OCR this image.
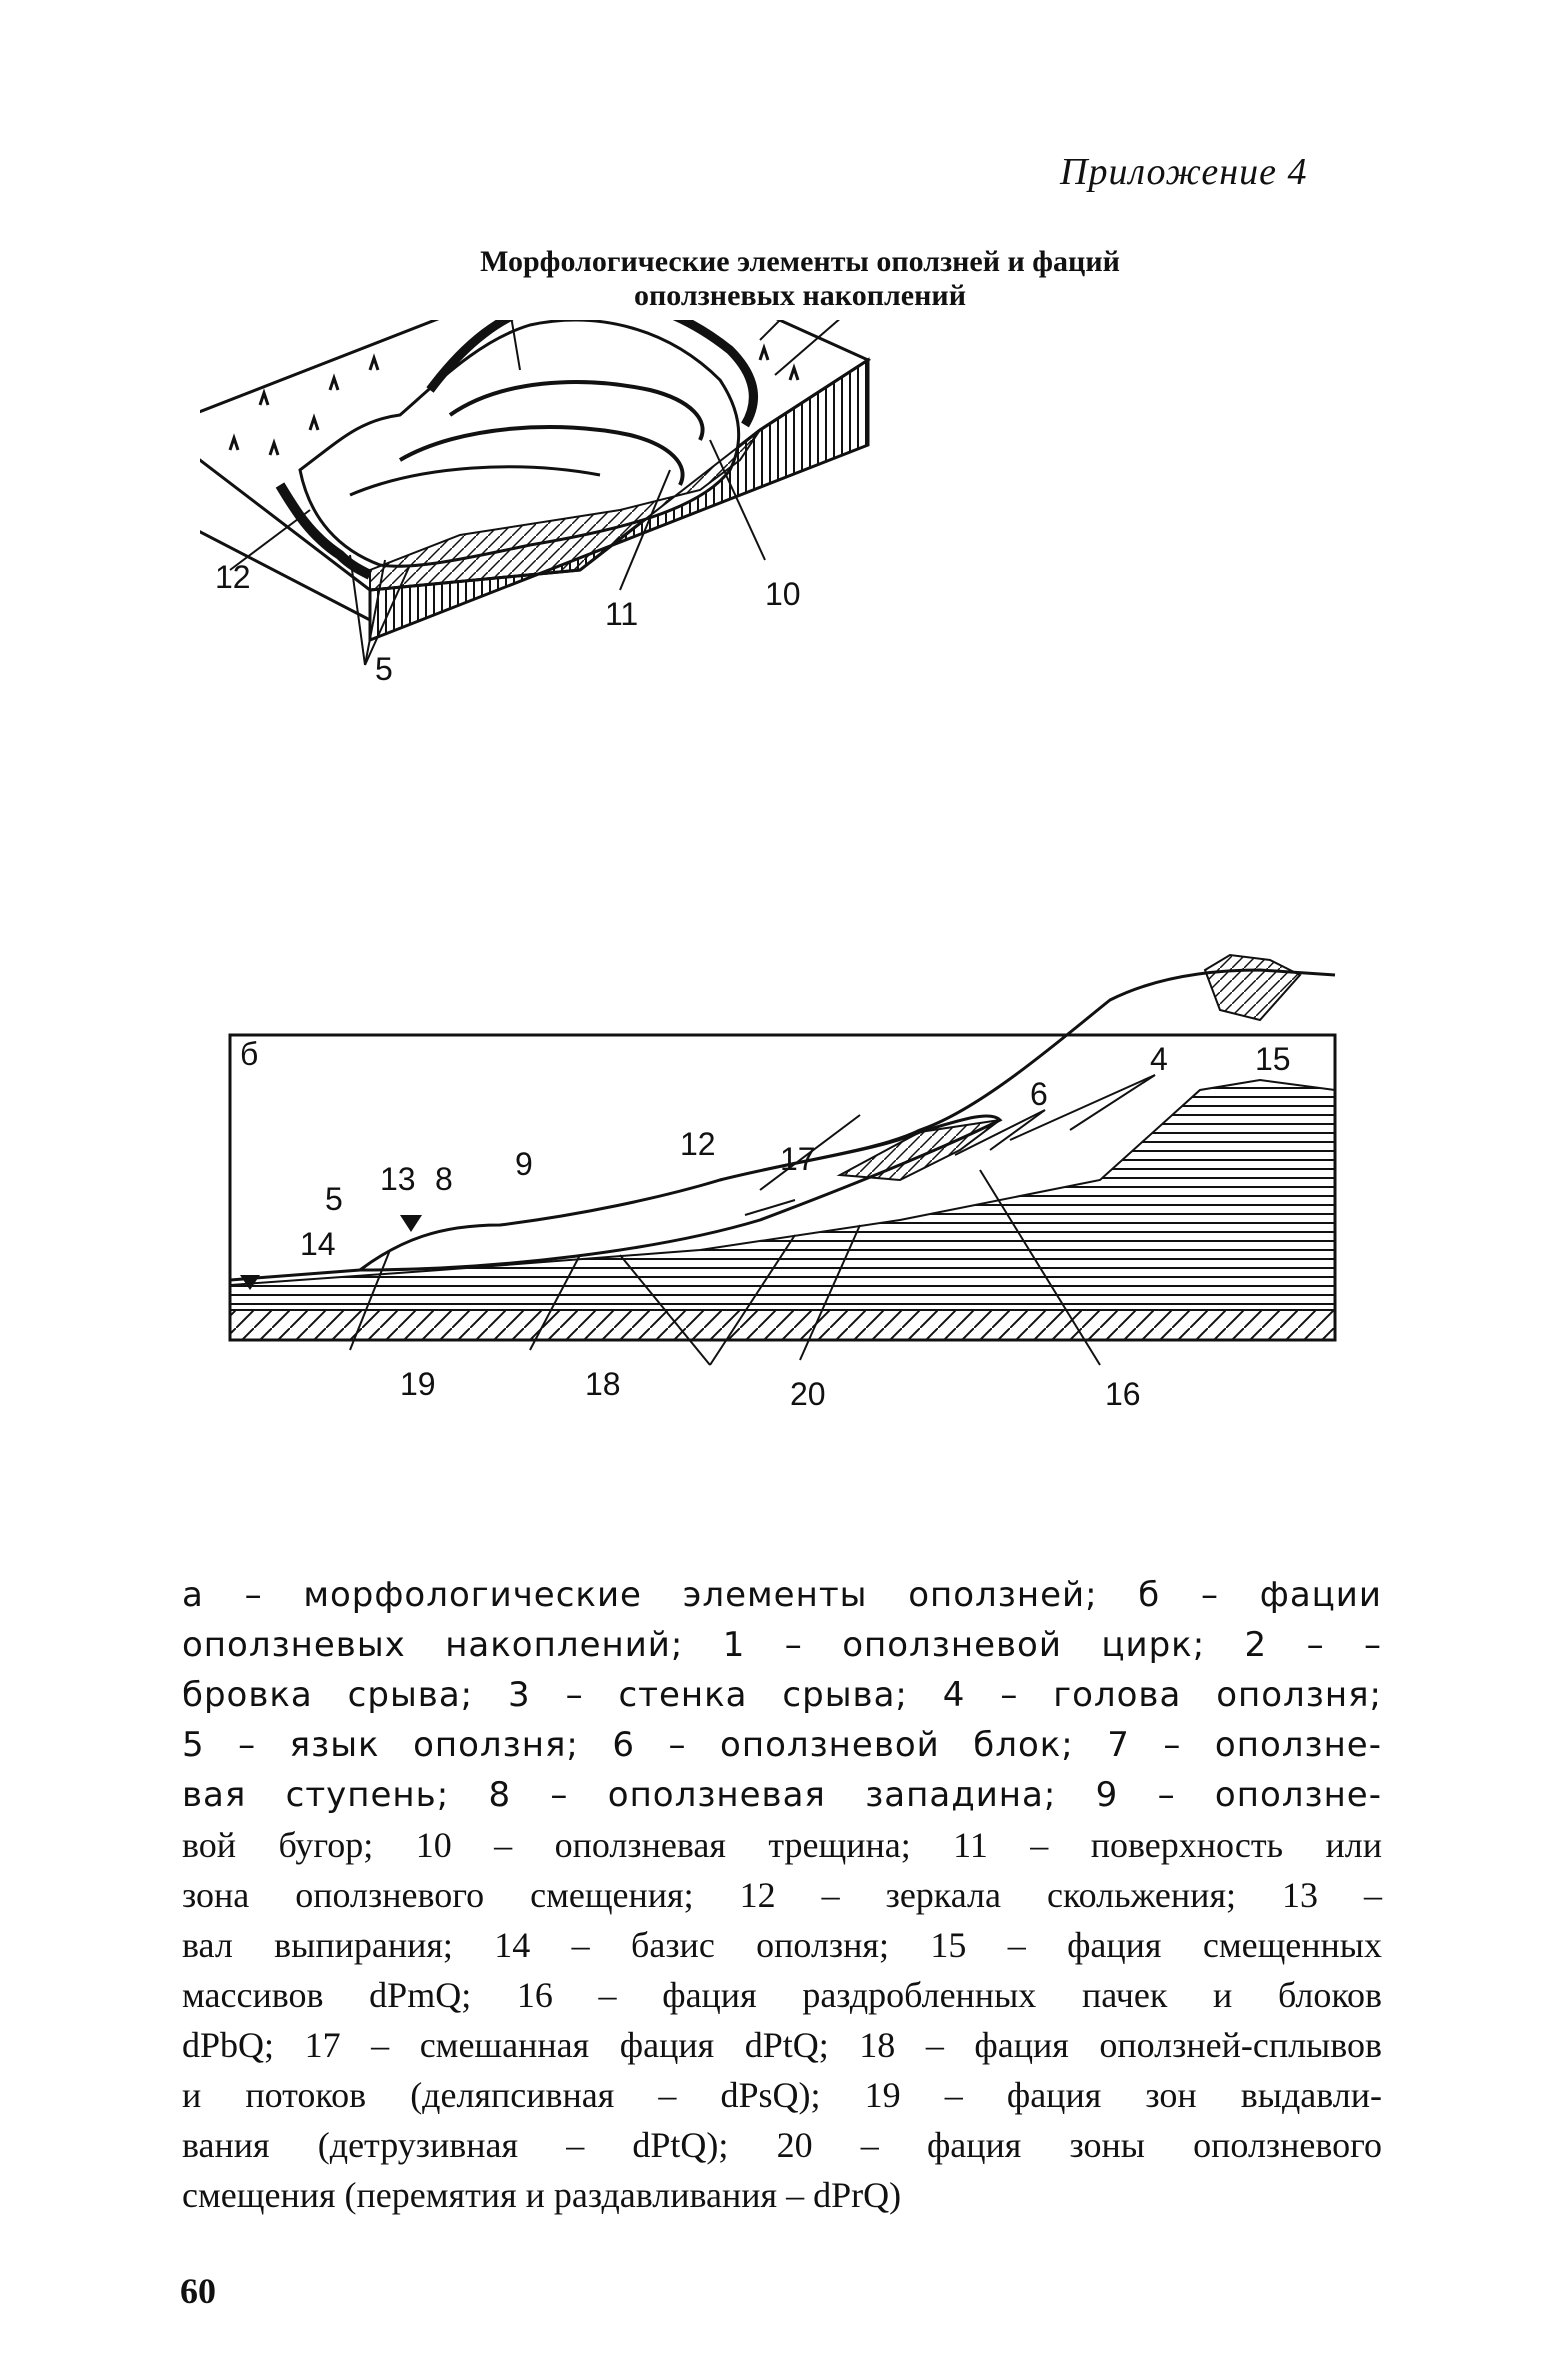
Приложение 4
Морфологические элементы оползней и фаций
оползневых накоплений
5
10
11
12
б	4
5
6
8 9
12
13
14
15
16
17
18
19	20
а – морфологические элементы оползней; б – фации
оползневых накоплений; 1 – оползневой цирк; 2 – –
бровка срыва; 3 – стенка срыва; 4 – голова оползня;
5 – язык оползня; 6 – оползневой блок; 7 – оползне-
вая ступень; 8 – оползневая западина; 9 – оползне-
вой бугор; 10 – оползневая трещина; 11 – поверхность или
зона оползневого смещения; 12 – зеркала скольжения; 13 –
вал выпирания; 14 – базис оползня; 15 – фация смещенных
массивов dPmQ; 16 – фация раздробленных пачек и блоков
dPbQ; 17 – смешанная фация dPtQ; 18 – фация оползней-сплывов
и потоков (деляпсивная – dPsQ); 19 – фация зон выдавли-
вания (детрузивная – dPtQ); 20 – фация зоны оползневого
смещения (перемятия и раздавливания – dPrQ)
60
